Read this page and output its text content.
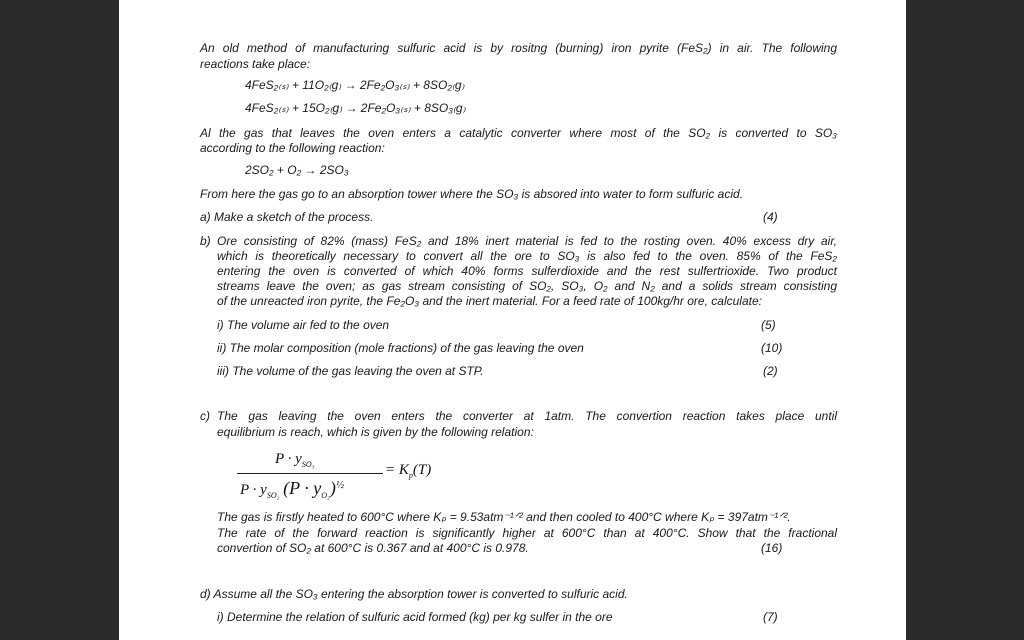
An old method of manufacturing sulfuric acid is by rositng (burning) iron pyrite (FeS₂) in air. The following
reactions take place:
4FeS₂₍ₛ₎ + 11O₂₍g₎ → 2Fe₂O₃₍ₛ₎ + 8SO₂₍g₎
4FeS₂₍ₛ₎ + 15O₂₍g₎ → 2Fe₂O₃₍ₛ₎ + 8SO₃₍g₎
Al the gas that leaves the oven enters a catalytic converter where most of the SO₂ is converted to SO₃
according to the following reaction:
2SO₂ + O₂ → 2SO₃
From here the gas go to an absorption tower where the SO₃ is absored into water to form sulfuric acid.
a) Make a sketch of the process.	(4)
b) Ore consisting of 82% (mass) FeS₂ and 18% inert material is fed to the rosting oven. 40% excess dry air,
which is theoretically necessary to convert all the ore to SO₃ is also fed to the oven. 85% of the FeS₂
entering the oven is converted of which 40% forms sulferdioxide and the rest sulfertrioxide. Two product
streams leave the oven; as gas stream consisting of SO₂, SO₃, O₂ and N₂ and a solids stream consisting
of the unreacted iron pyrite, the Fe₂O₃ and the inert material. For a feed rate of 100kg/hr ore, calculate:
i) The volume air fed to the oven	(5)
ii) The molar composition (mole fractions) of the gas leaving the oven	(10)
iii) The volume of the gas leaving the oven at STP.	(2)
c) The gas leaving the oven enters the converter at 1atm. The convertion reaction takes place until
equilibrium is reach, which is given by the following relation:
$P \cdot y_{SO_3}$
$P \cdot y_{SO_2}$ $(P \cdot y_{O_2})^{\frac{1}{2}}$
= $K_p(T)$
The gas is firstly heated to 600°C where Kₚ = 9.53atm⁻¹ᐟ² and then cooled to 400°C where Kₚ = 397atm⁻¹ᐟ².
The rate of the forward reaction is significantly higher at 600°C than at 400°C. Show that the fractional
convertion of SO₂ at 600°C is 0.367 and at 400°C is 0.978.	(16)
d) Assume all the SO₃ entering the absorption tower is converted to sulfuric acid.
i) Determine the relation of sulfuric acid formed (kg) per kg sulfer in the ore	(7)
